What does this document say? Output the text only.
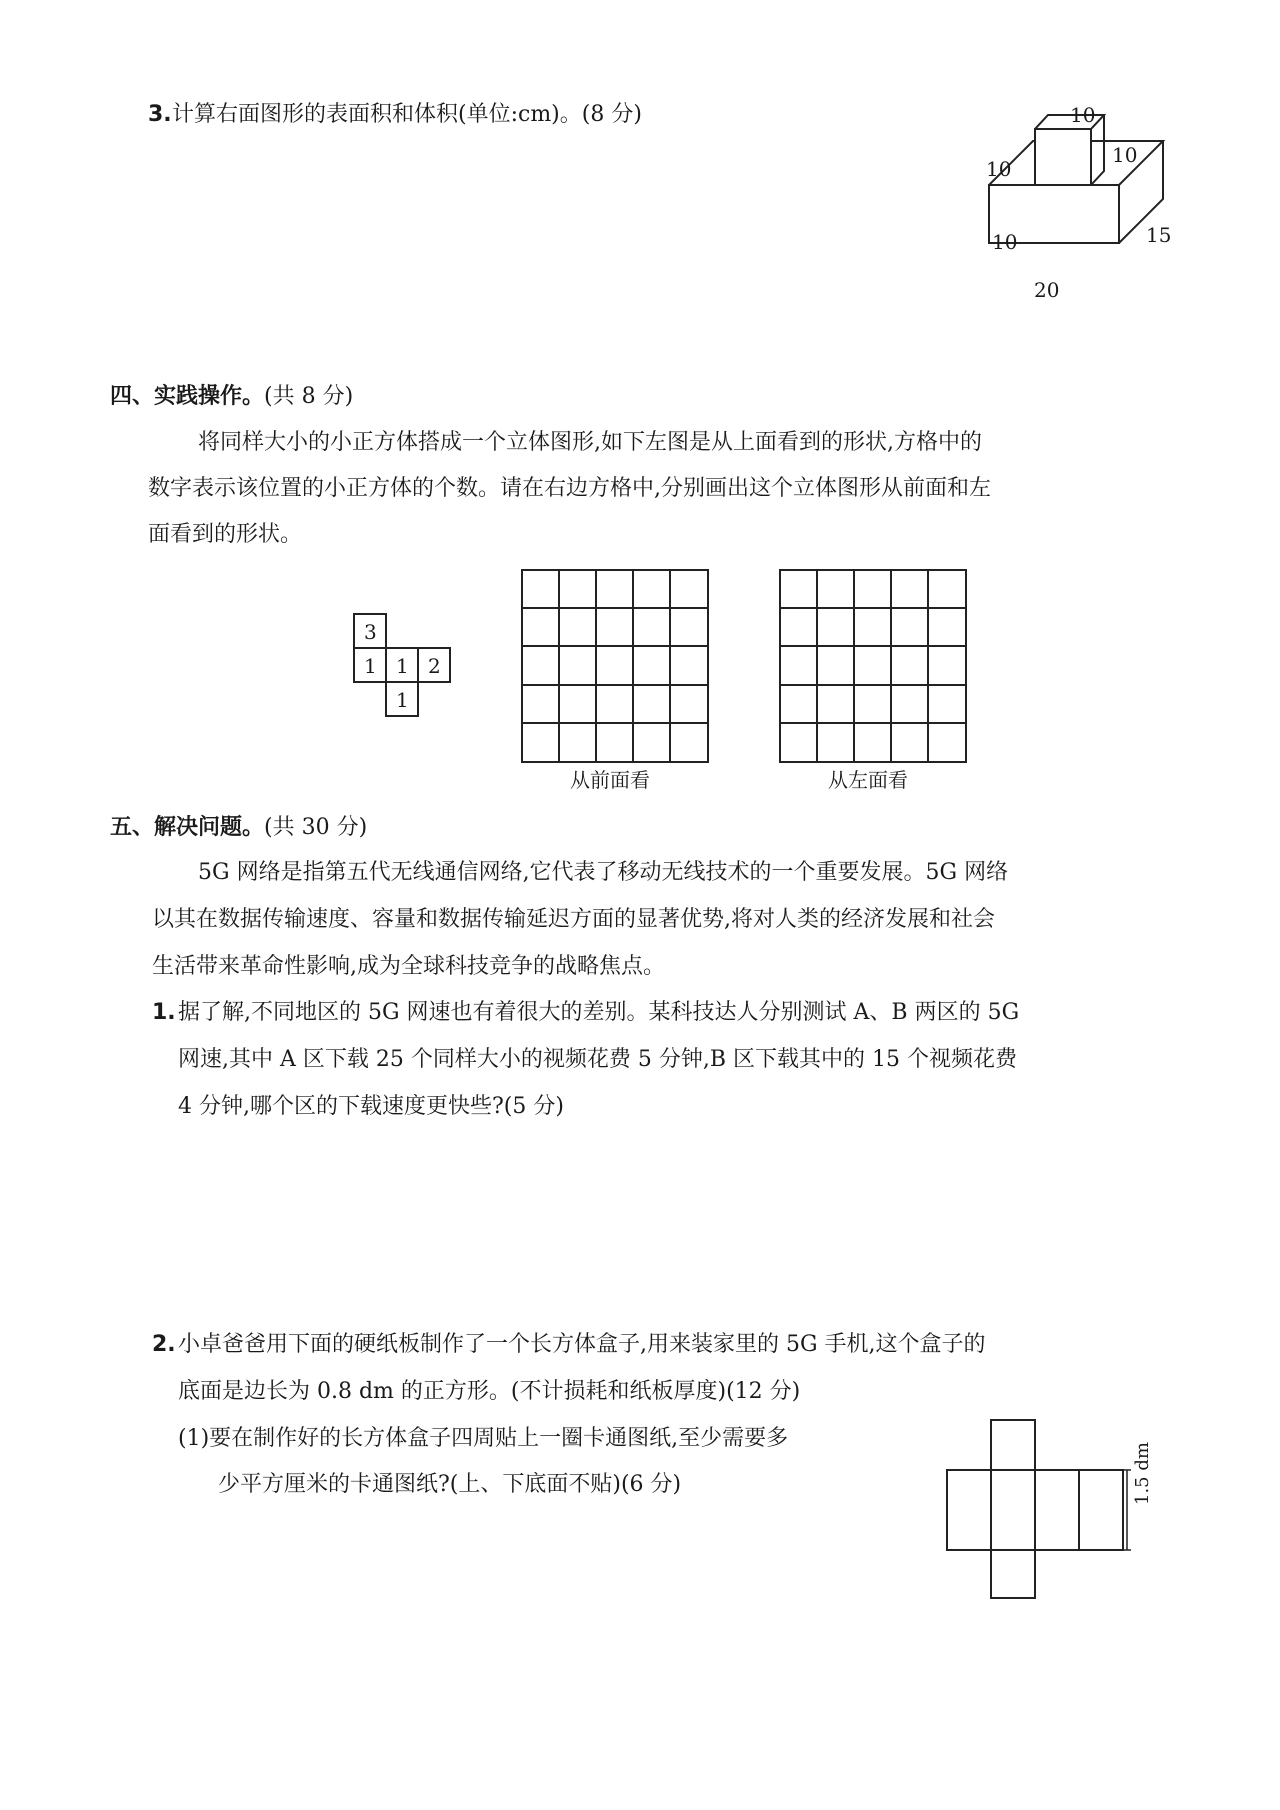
3. 计算右面图形的表面积和体积(单位:cm)。(8 分)	10
10
10
10	15
20
四、实践操作。 (共 8 分)
将同样大小的小正方体搭成一个立体图形,如下左图是从上面看到的形状,方格中的
数字表示该位置的小正方体的个数。请在右边方格中,分别画出这个立体图形从前面和左
面看到的形状。
3
1 1 2
1
从前面看	从左面看
五、解决问题。 (共 30 分)
5G 网络是指第五代无线通信网络,它代表了移动无线技术的一个重要发展。5G 网络
以其在数据传输速度、容量和数据传输延迟方面的显著优势,将对人类的经济发展和社会
生活带来革命性影响,成为全球科技竞争的战略焦点。
1. 据了解,不同地区的 5G 网速也有着很大的差别。某科技达人分别测试 A、B 两区的 5G
网速,其中 A 区下载 25 个同样大小的视频花费 5 分钟,B 区下载其中的 15 个视频花费
4 分钟,哪个区的下载速度更快些?(5 分)
2. 小卓爸爸用下面的硬纸板制作了一个长方体盒子,用来装家里的 5G 手机,这个盒子的
底面是边长为 0.8 dm 的正方形。(不计损耗和纸板厚度)(12 分)
(1)要在制作好的长方体盒子四周贴上一圈卡通图纸,至少需要多
少平方厘米的卡通图纸?(上、下底面不贴)(6 分)	1.5 dm
